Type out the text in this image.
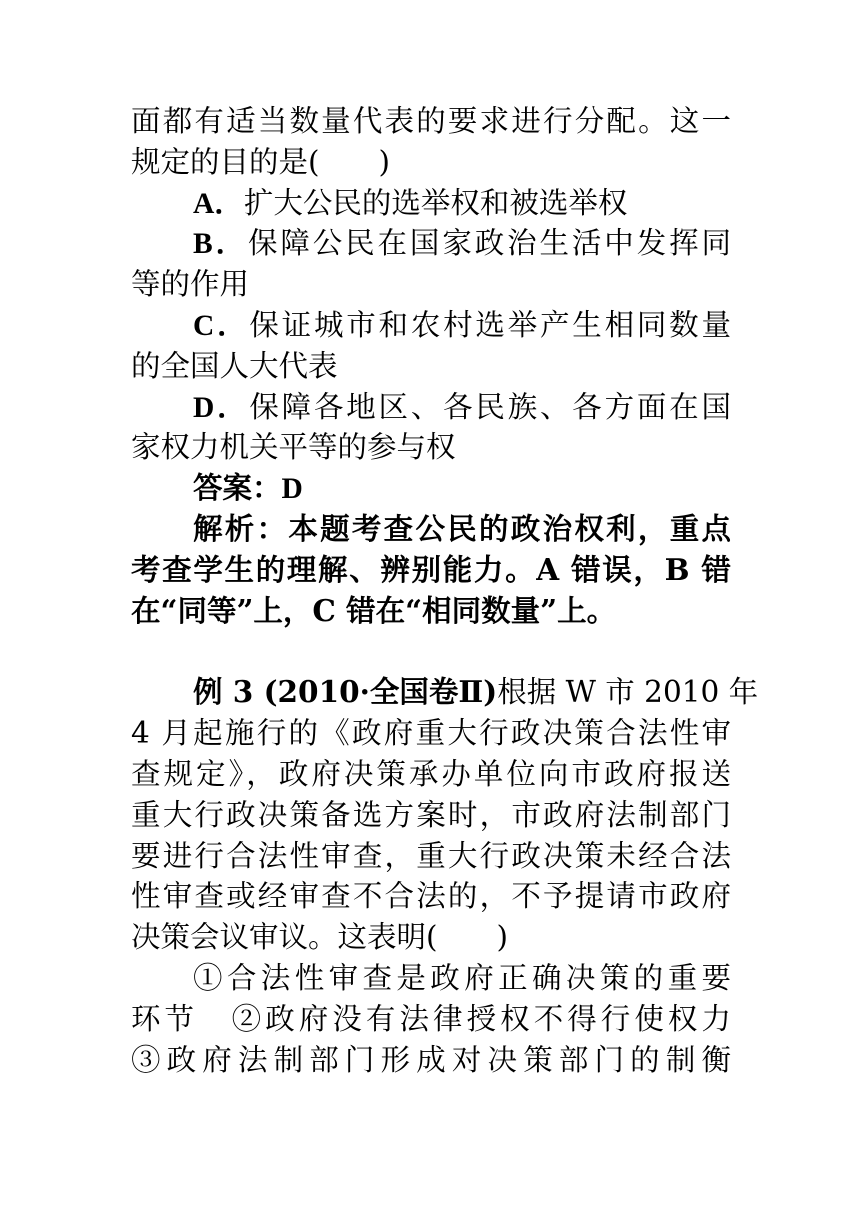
面都有适当数量代表的要求进行分配。这一
规定的目的是(　　)
A．扩大公民的选举权和被选举权
B．保障公民在国家政治生活中发挥同
等的作用
C．保证城市和农村选举产生相同数量
的全国人大代表
D．保障各地区、各民族、各方面在国
家权力机关平等的参与权
答案：D
解析：本题考查公民的政治权利，重点
考查学生的理解、辨别能力。A 错误，B 错
在“同等”上，C 错在“相同数量”上。
例 3 (2010·全国卷Ⅱ)根据 W 市 2010 年
4 月起施行的《政府重大行政决策合法性审
查规定》，政府决策承办单位向市政府报送
重大行政决策备选方案时，市政府法制部门
要进行合法性审查，重大行政决策未经合法
性审查或经审查不合法的，不予提请市政府
决策会议审议。这表明(　　)
①合法性审查是政府正确决策的重要
环节　②政府没有法律授权不得行使权力
③政府法制部门形成对决策部门的制衡
